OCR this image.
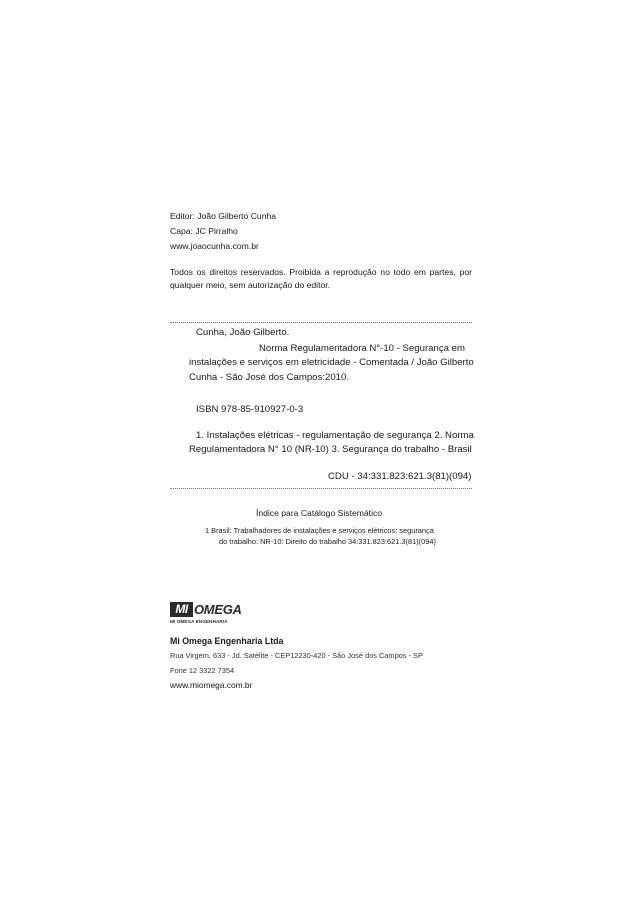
Editor: João Gilberto Cunha
Capa: JC Pirralho
www.joaocunha.com.br
Todos os direitos reservados. Proibida a reprodução no todo em partes, por
qualquer meio, sem autorização do editor.
Cunha, João Gilberto.
Norma Regulamentadora N°-10 - Segurança em
instalações e serviços em eletricidade - Comentada / João Gilberto
Cunha - São José dos Campos:2010.
ISBN 978-85-910927-0-3
1. Instalações elétricas - regulamentação de segurança 2. Norma
Regulamentadora N° 10 (NR-10) 3. Segurança do trabalho - Brasil
CDU - 34:331.823:621.3(81)(094)
Índice para Catálogo Sistemático
1 Brasil: Trabalhadores de instalações e serviços elétricos: segurança
do trabalho: NR-10: Direito do trabalho 34:331.823:621.3(81)(094)
MI OMEGA
MI OMEGA ENGENHARIA
Mi Omega Engenharia Ltda
Rua Virgem, 633 - Jd. Satélite - CEP12230-420 - São José dos Campos - SP
Fone 12 3322 7354
www.miomega.com.br
